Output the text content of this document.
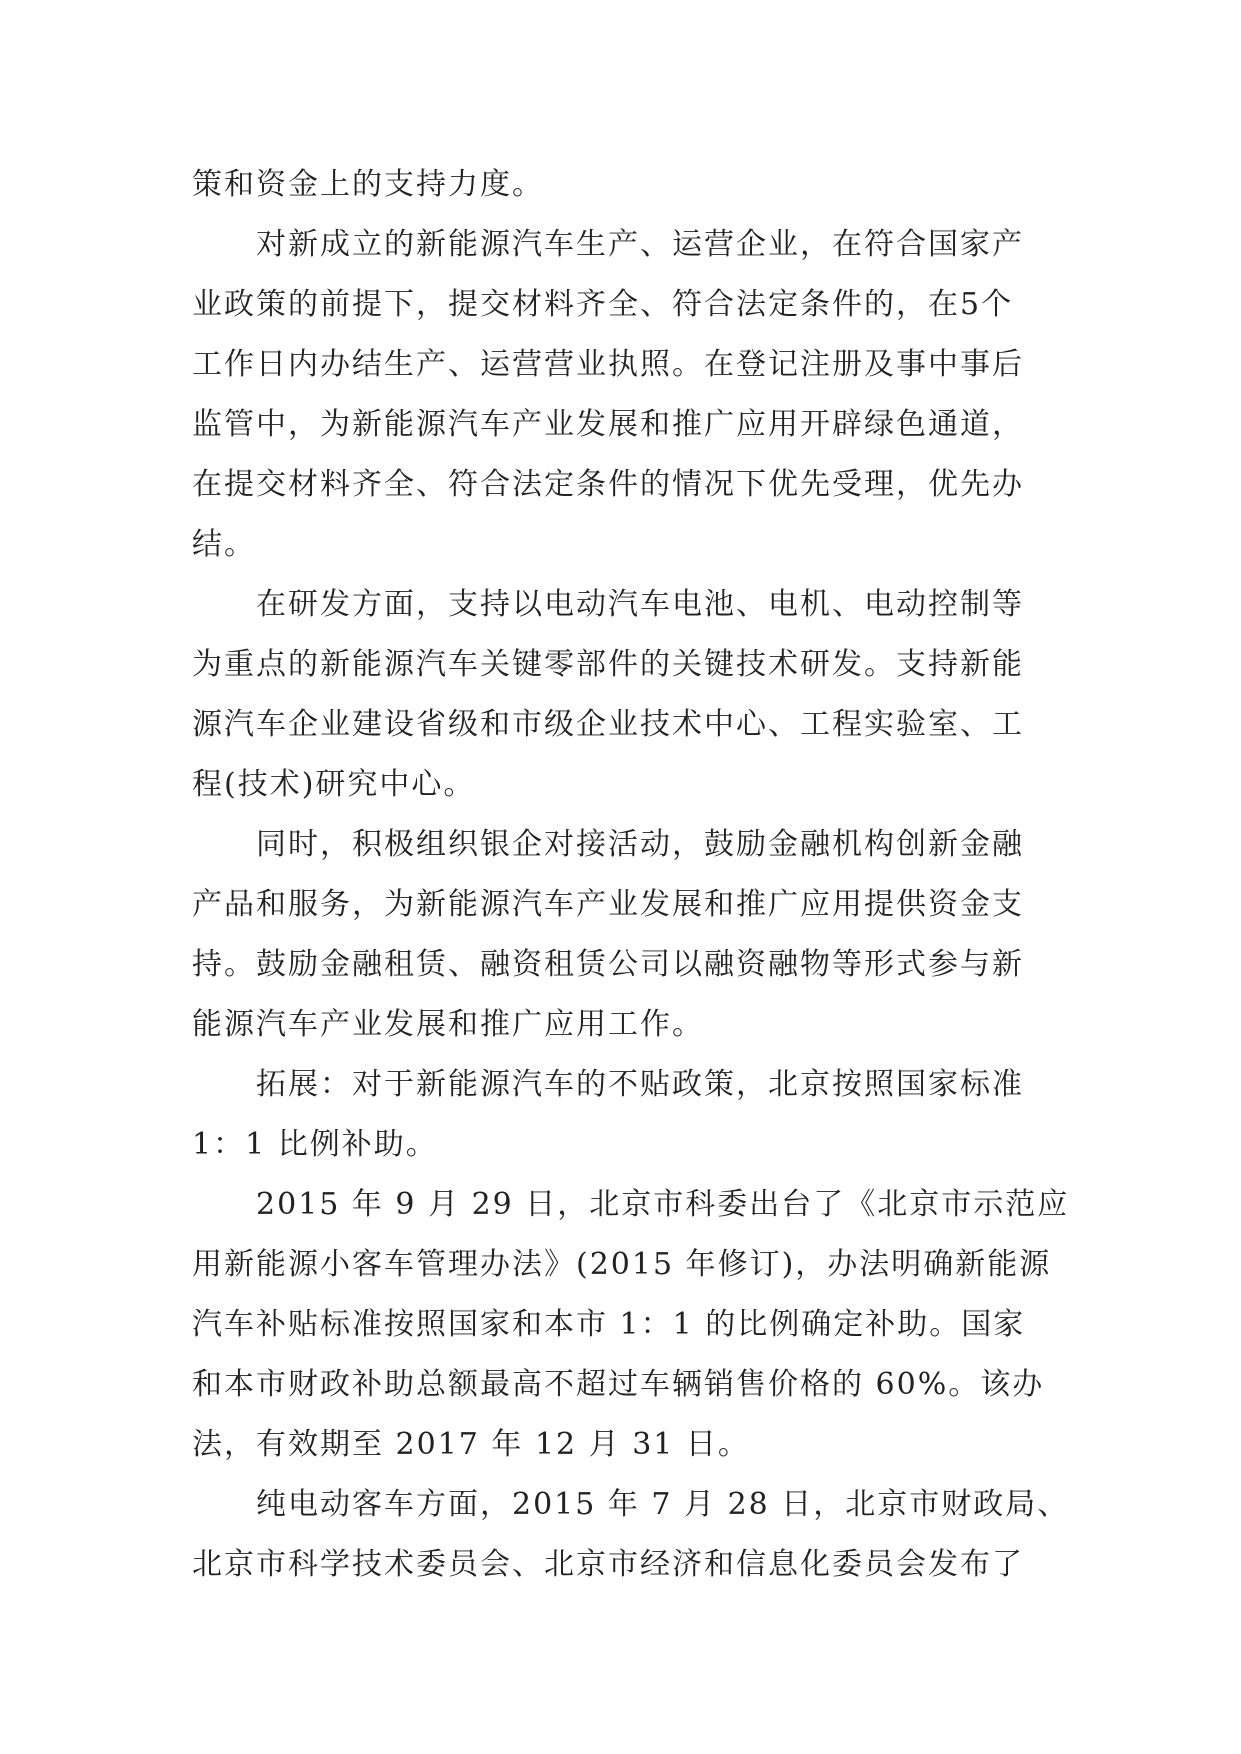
策和资金上的支持力度。

　　对新成立的新能源汽车生产、运营企业，在符合国家产
业政策的前提下，提交材料齐全、符合法定条件的，在5个
工作日内办结生产、运营营业执照。在登记注册及事中事后
监管中，为新能源汽车产业发展和推广应用开辟绿色通道，
在提交材料齐全、符合法定条件的情况下优先受理，优先办
结。

　　在研发方面，支持以电动汽车电池、电机、电动控制等
为重点的新能源汽车关键零部件的关键技术研发。支持新能
源汽车企业建设省级和市级企业技术中心、工程实验室、工
程(技术)研究中心。

　　同时，积极组织银企对接活动，鼓励金融机构创新金融
产品和服务，为新能源汽车产业发展和推广应用提供资金支
持。鼓励金融租赁、融资租赁公司以融资融物等形式参与新
能源汽车产业发展和推广应用工作。

　　拓展：对于新能源汽车的不贴政策，北京按照国家标准
1：1 比例补助。

　　2015 年 9 月 29 日，北京市科委出台了《北京市示范应
用新能源小客车管理办法》(2015 年修订)，办法明确新能源
汽车补贴标准按照国家和本市 1：1 的比例确定补助。国家
和本市财政补助总额最高不超过车辆销售价格的 60%。该办
法，有效期至 2017 年 12 月 31 日。

　　纯电动客车方面，2015 年 7 月 28 日，北京市财政局、
北京市科学技术委员会、北京市经济和信息化委员会发布了
